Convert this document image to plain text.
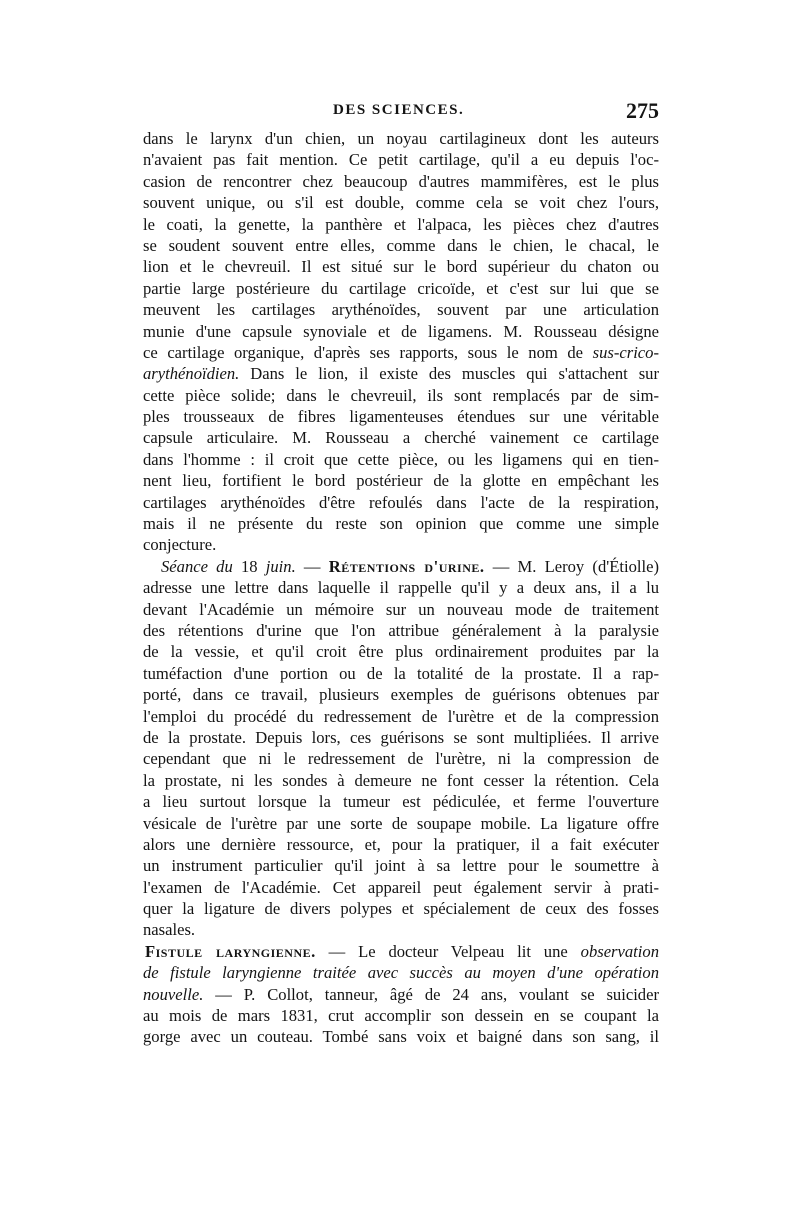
DES SCIENCES.	275
dans le larynx d'un chien, un noyau cartilagineux dont les auteurs
n'avaient pas fait mention. Ce petit cartilage, qu'il a eu depuis l'oc-
casion de rencontrer chez beaucoup d'autres mammifères, est le plus
souvent unique, ou s'il est double, comme cela se voit chez l'ours,
le coati, la genette, la panthère et l'alpaca, les pièces chez d'autres
se soudent souvent entre elles, comme dans le chien, le chacal, le
lion et le chevreuil. Il est situé sur le bord supérieur du chaton ou
partie large postérieure du cartilage cricoïde, et c'est sur lui que se
meuvent les cartilages arythénoïdes, souvent par une articulation
munie d'une capsule synoviale et de ligamens. M. Rousseau désigne
ce cartilage organique, d'après ses rapports, sous le nom de sus-crico-
arythénoïdien. Dans le lion, il existe des muscles qui s'attachent sur
cette pièce solide; dans le chevreuil, ils sont remplacés par de sim-
ples trousseaux de fibres ligamenteuses étendues sur une véritable
capsule articulaire. M. Rousseau a cherché vainement ce cartilage
dans l'homme : il croit que cette pièce, ou les ligamens qui en tien-
nent lieu, fortifient le bord postérieur de la glotte en empêchant les
cartilages arythénoïdes d'être refoulés dans l'acte de la respiration,
mais il ne présente du reste son opinion que comme une simple
conjecture.
Séance du 18 juin. — Rétentions d'urine. — M. Leroy (d'Étiolle)
adresse une lettre dans laquelle il rappelle qu'il y a deux ans, il a lu
devant l'Académie un mémoire sur un nouveau mode de traitement
des rétentions d'urine que l'on attribue généralement à la paralysie
de la vessie, et qu'il croit être plus ordinairement produites par la
tuméfaction d'une portion ou de la totalité de la prostate. Il a rap-
porté, dans ce travail, plusieurs exemples de guérisons obtenues par
l'emploi du procédé du redressement de l'urètre et de la compression
de la prostate. Depuis lors, ces guérisons se sont multipliées. Il arrive
cependant que ni le redressement de l'urètre, ni la compression de
la prostate, ni les sondes à demeure ne font cesser la rétention. Cela
a lieu surtout lorsque la tumeur est pédiculée, et ferme l'ouverture
vésicale de l'urètre par une sorte de soupape mobile. La ligature offre
alors une dernière ressource, et, pour la pratiquer, il a fait exécuter
un instrument particulier qu'il joint à sa lettre pour le soumettre à
l'examen de l'Académie. Cet appareil peut également servir à prati-
quer la ligature de divers polypes et spécialement de ceux des fosses
nasales.
Fistule laryngienne. — Le docteur Velpeau lit une observation
de fistule laryngienne traitée avec succès au moyen d'une opération
nouvelle. — P. Collot, tanneur, âgé de 24 ans, voulant se suicider
au mois de mars 1831, crut accomplir son dessein en se coupant la
gorge avec un couteau. Tombé sans voix et baigné dans son sang, il
